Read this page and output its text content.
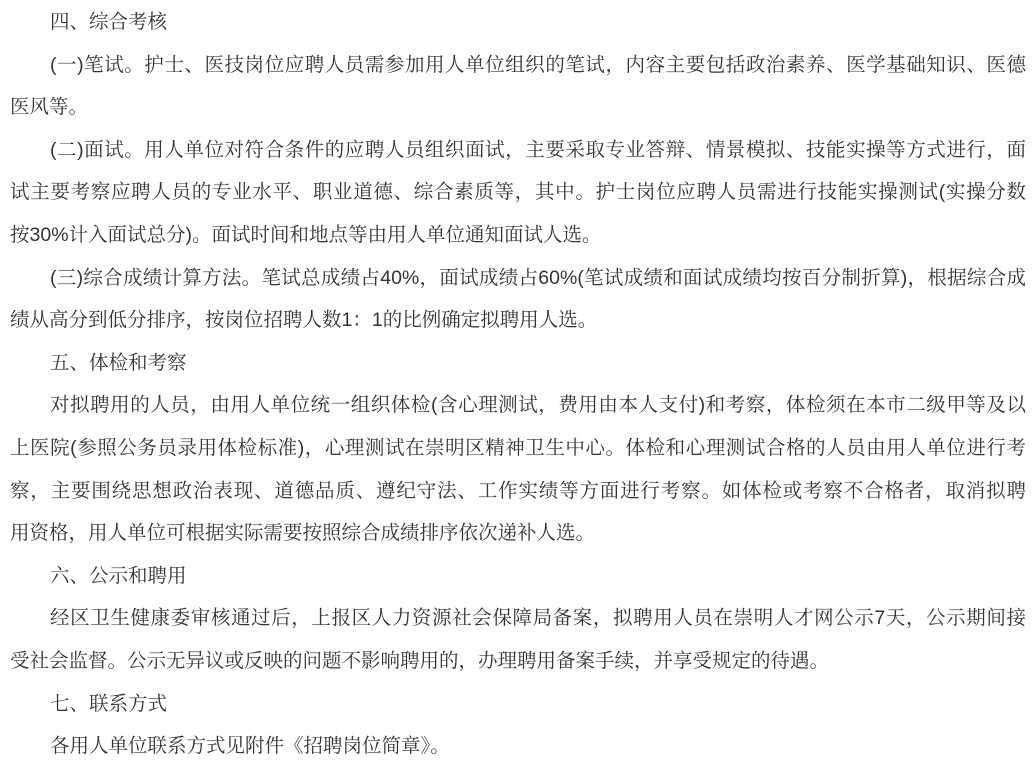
四、综合考核
(一)笔试。护士、医技岗位应聘人员需参加用人单位组织的笔试，内容主要包括政治素养、医学基础知识、医德
医风等。
(二)面试。用人单位对符合条件的应聘人员组织面试，主要采取专业答辩、情景模拟、技能实操等方式进行，面
试主要考察应聘人员的专业水平、职业道德、综合素质等，其中。护士岗位应聘人员需进行技能实操测试(实操分数
按30%计入面试总分)。面试时间和地点等由用人单位通知面试人选。
(三)综合成绩计算方法。笔试总成绩占40%，面试成绩占60%(笔试成绩和面试成绩均按百分制折算)，根据综合成
绩从高分到低分排序，按岗位招聘人数1：1的比例确定拟聘用人选。
五、体检和考察
对拟聘用的人员，由用人单位统一组织体检(含心理测试，费用由本人支付)和考察，体检须在本市二级甲等及以
上医院(参照公务员录用体检标准)，心理测试在崇明区精神卫生中心。体检和心理测试合格的人员由用人单位进行考
察，主要围绕思想政治表现、道德品质、遵纪守法、工作实绩等方面进行考察。如体检或考察不合格者，取消拟聘
用资格，用人单位可根据实际需要按照综合成绩排序依次递补人选。
六、公示和聘用
经区卫生健康委审核通过后，上报区人力资源社会保障局备案，拟聘用人员在崇明人才网公示7天，公示期间接
受社会监督。公示无异议或反映的问题不影响聘用的，办理聘用备案手续，并享受规定的待遇。
七、联系方式
各用人单位联系方式见附件《招聘岗位简章》。
